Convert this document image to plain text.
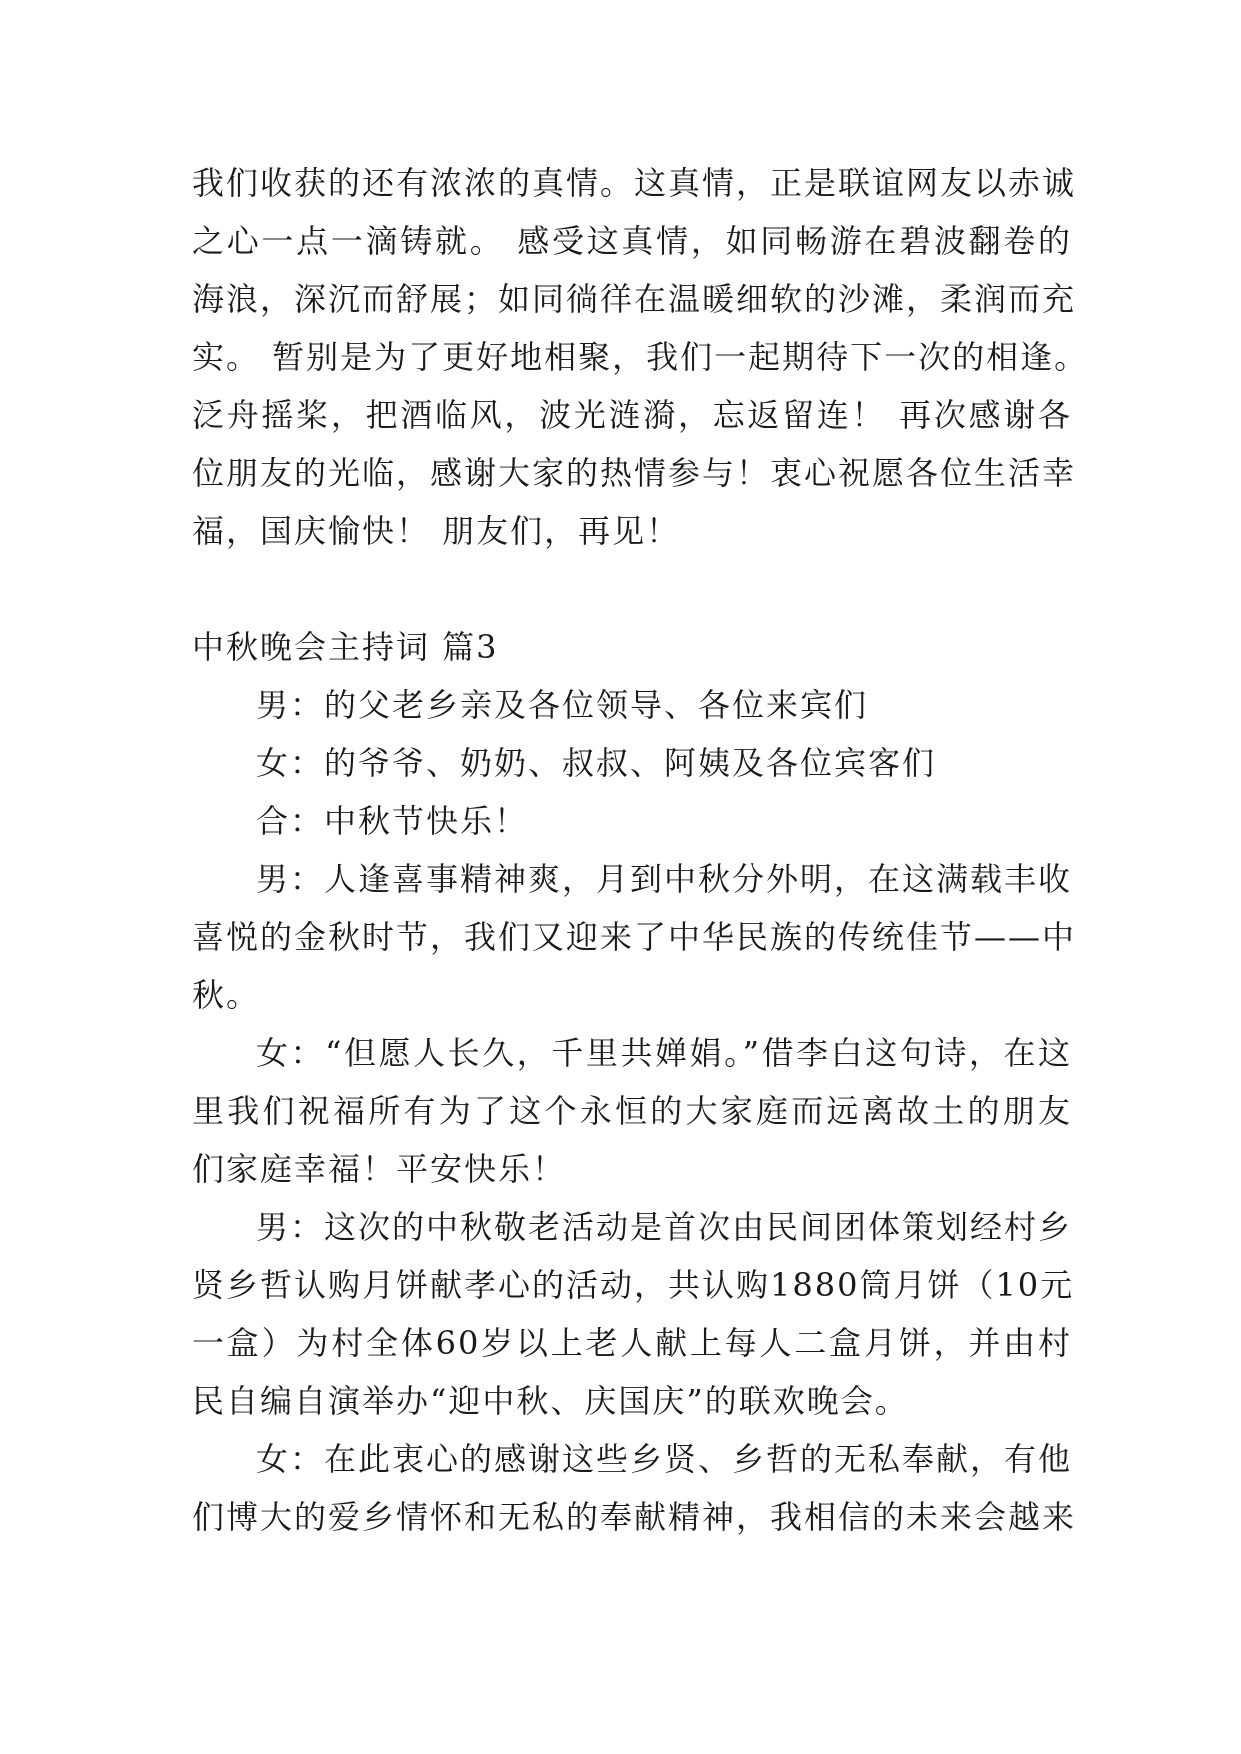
我们收获的还有浓浓的真情。这真情，正是联谊网友以赤诚
之心一点一滴铸就。 感受这真情，如同畅游在碧波翻卷的
海浪，深沉而舒展；如同徜徉在温暖细软的沙滩，柔润而充
实。 暂别是为了更好地相聚，我们一起期待下一次的相逢。
泛舟摇桨，把酒临风，波光涟漪，忘返留连！ 再次感谢各
位朋友的光临，感谢大家的热情参与！衷心祝愿各位生活幸
福，国庆愉快！ 朋友们，再见！
中秋晚会主持词 篇3
男：的父老乡亲及各位领导、各位来宾们
女：的爷爷、奶奶、叔叔、阿姨及各位宾客们
合：中秋节快乐！
男：人逢喜事精神爽，月到中秋分外明，在这满载丰收
喜悦的金秋时节，我们又迎来了中华民族的传统佳节——中
秋。
女：“但愿人长久，千里共婵娟。”借李白这句诗，在这
里我们祝福所有为了这个永恒的大家庭而远离故土的朋友
们家庭幸福！平安快乐！
男：这次的中秋敬老活动是首次由民间团体策划经村乡
贤乡哲认购月饼献孝心的活动，共认购1880筒月饼（10元
一盒）为村全体60岁以上老人献上每人二盒月饼，并由村
民自编自演举办“迎中秋、庆国庆”的联欢晚会。
女：在此衷心的感谢这些乡贤、乡哲的无私奉献，有他
们博大的爱乡情怀和无私的奉献精神，我相信的未来会越来
